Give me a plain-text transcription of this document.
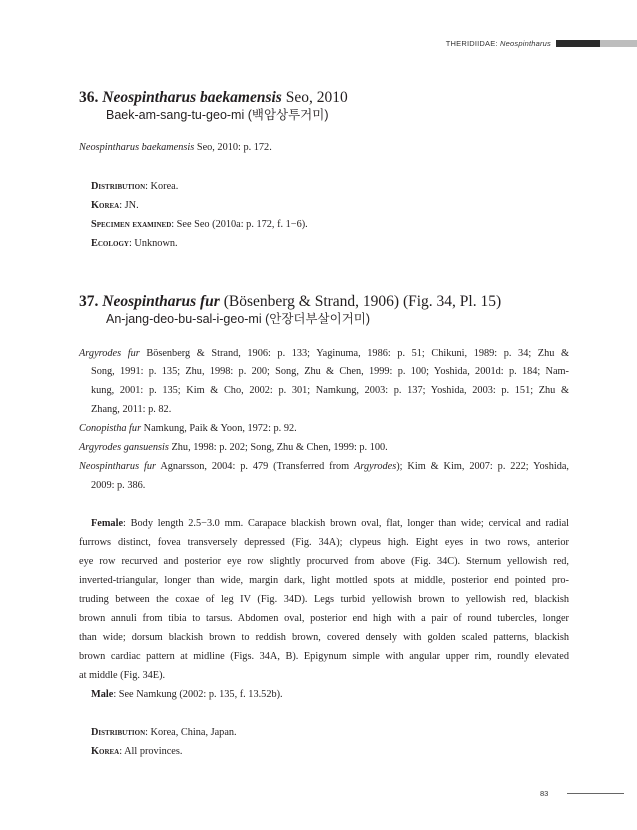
THERIDIIDAE: Neospintharus
36. Neospintharus baekamensis Seo, 2010
Baek-am-sang-tu-geo-mi (백암상투거미)
Neospintharus baekamensis Seo, 2010: p. 172.
Distribution: Korea.
Korea: JN.
Specimen examined: See Seo (2010a: p. 172, f. 1−6).
Ecology: Unknown.
37. Neospintharus fur (Bösenberg & Strand, 1906) (Fig. 34, Pl. 15)
An-jang-deo-bu-sal-i-geo-mi (안장더부살이거미)
Argyrodes fur Bösenberg & Strand, 1906: p. 133; Yaginuma, 1986: p. 51; Chikuni, 1989: p. 34; Zhu &
Song, 1991: p. 135; Zhu, 1998: p. 200; Song, Zhu & Chen, 1999: p. 100; Yoshida, 2001d: p. 184; Nam-
kung, 2001: p. 135; Kim & Cho, 2002: p. 301; Namkung, 2003: p. 137; Yoshida, 2003: p. 151; Zhu &
Zhang, 2011: p. 82.
Conopistha fur Namkung, Paik & Yoon, 1972: p. 92.
Argyrodes gansuensis Zhu, 1998: p. 202; Song, Zhu & Chen, 1999: p. 100.
Neospintharus fur Agnarsson, 2004: p. 479 (Transferred from Argyrodes); Kim & Kim, 2007: p. 222; Yoshida,
2009: p. 386.
Female: Body length 2.5−3.0 mm. Carapace blackish brown oval, flat, longer than wide; cervical and radial
furrows distinct, fovea transversely depressed (Fig. 34A); clypeus high. Eight eyes in two rows, anterior
eye row recurved and posterior eye row slightly procurved from above (Fig. 34C). Sternum yellowish red,
inverted-triangular, longer than wide, margin dark, light mottled spots at middle, posterior end pointed pro-
truding between the coxae of leg IV (Fig. 34D). Legs turbid yellowish brown to yellowish red, blackish
brown annuli from tibia to tarsus. Abdomen oval, posterior end high with a pair of round tubercles, longer
than wide; dorsum blackish brown to reddish brown, covered densely with golden scaled patterns, blackish
brown cardiac pattern at midline (Figs. 34A, B). Epigynum simple with angular upper rim, roundly elevated
at middle (Fig. 34E).
Male: See Namkung (2002: p. 135, f. 13.52b).
Distribution: Korea, China, Japan.
Korea: All provinces.
83
